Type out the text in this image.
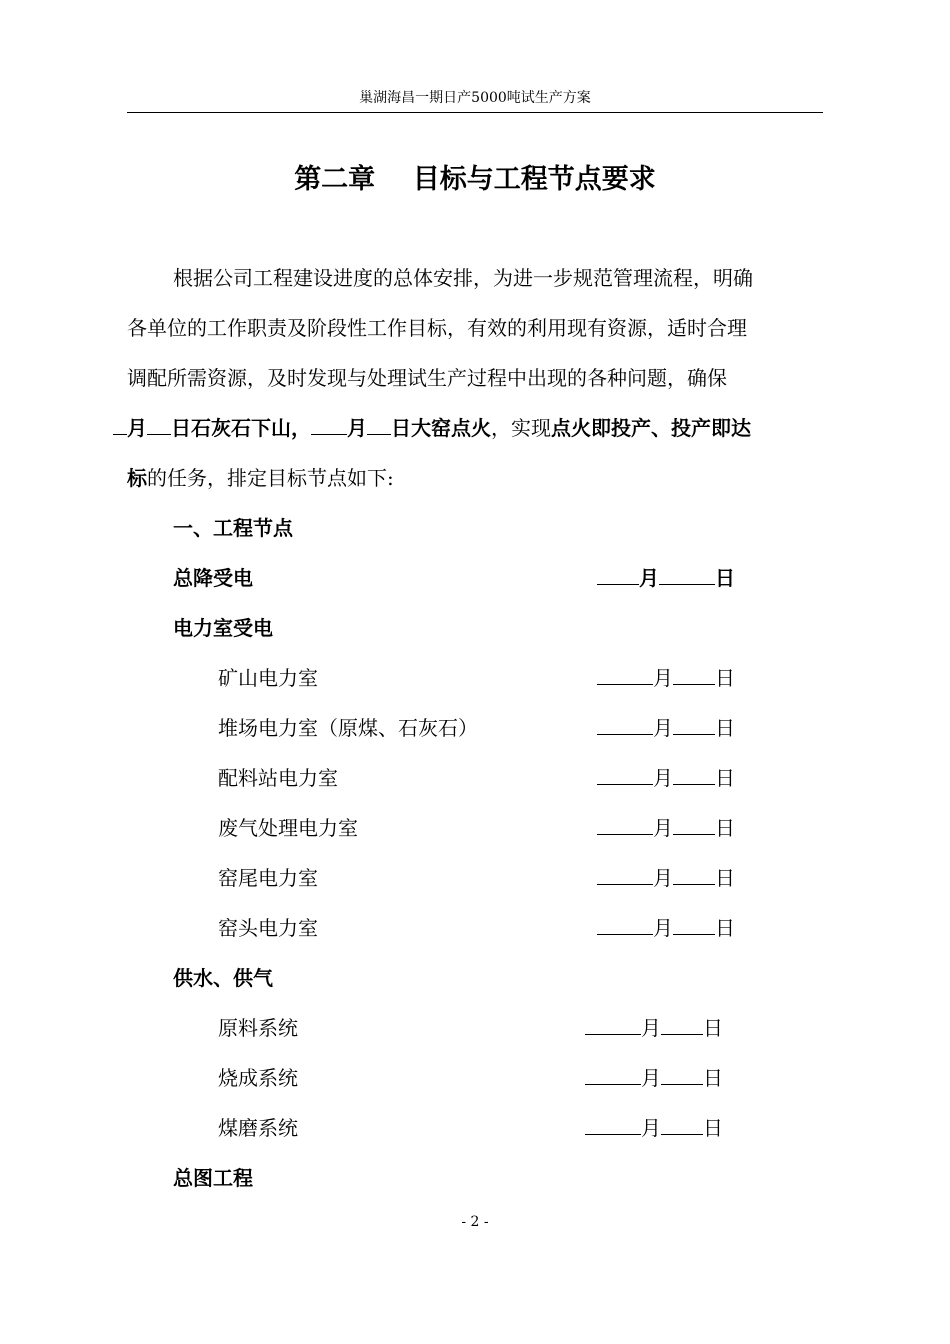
巢湖海昌一期日产5000吨试生产方案
第二章    目标与工程节点要求
根据公司工程建设进度的总体安排，为进一步规范管理流程，明确
各单位的工作职责及阶段性工作目标，有效的利用现有资源，适时合理
调配所需资源，及时发现与处理试生产过程中出现的各种问题，确保
月 日石灰石下山， 月 日大窑点火，实现点火即投产、投产即达
标的任务，排定目标节点如下:
一、工程节点
总降受电	月	日
电力室受电
矿山电力室	月 日
堆场电力室（原煤、石灰石）	月 日
配料站电力室	月 日
废气处理电力室	月 日
窑尾电力室	月 日
窑头电力室	月 日
供水、供气
原料系统	月 日
烧成系统	月 日
煤磨系统	月 日
总图工程
- 2 -
